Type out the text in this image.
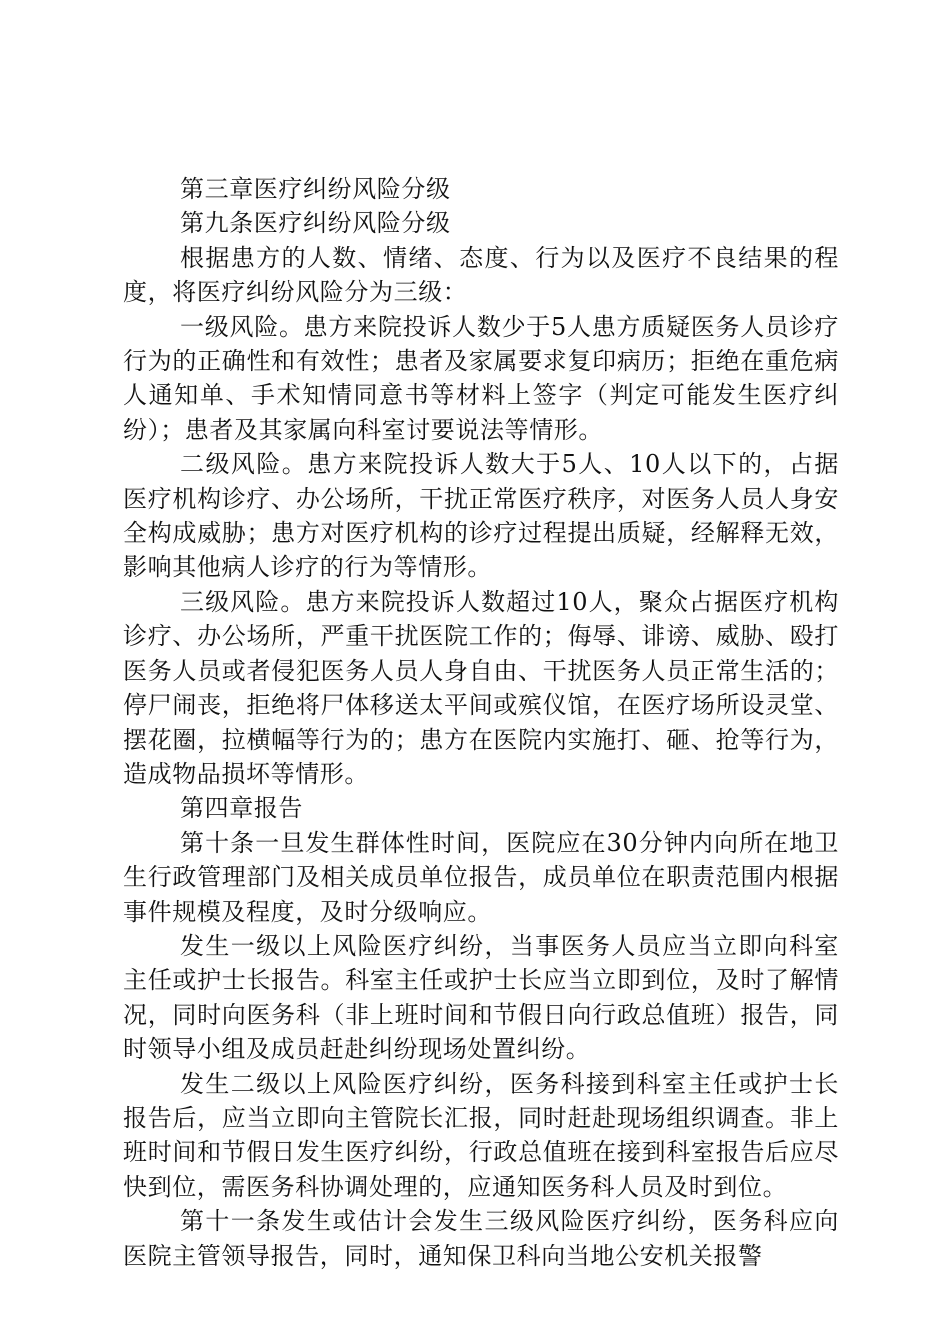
第三章医疗纠纷风险分级

第九条医疗纠纷风险分级

根据患方的人数、情绪、态度、行为以及医疗不良结果的程度，将医疗纠纷风险分为三级：

一级风险。患方来院投诉人数少于5人患方质疑医务人员诊疗行为的正确性和有效性；患者及家属要求复印病历；拒绝在重危病人通知单、手术知情同意书等材料上签字（判定可能发生医疗纠纷）；患者及其家属向科室讨要说法等情形。

二级风险。患方来院投诉人数大于5人、10人以下的，占据医疗机构诊疗、办公场所，干扰正常医疗秩序，对医务人员人身安全构成威胁；患方对医疗机构的诊疗过程提出质疑，经解释无效，影响其他病人诊疗的行为等情形。

三级风险。患方来院投诉人数超过10人，聚众占据医疗机构诊疗、办公场所，严重干扰医院工作的；侮辱、诽谤、威胁、殴打医务人员或者侵犯医务人员人身自由、干扰医务人员正常生活的；停尸闹丧，拒绝将尸体移送太平间或殡仪馆，在医疗场所设灵堂、摆花圈，拉横幅等行为的；患方在医院内实施打、砸、抢等行为，造成物品损坏等情形。

第四章报告

第十条一旦发生群体性时间，医院应在30分钟内向所在地卫生行政管理部门及相关成员单位报告，成员单位在职责范围内根据事件规模及程度，及时分级响应。

发生一级以上风险医疗纠纷，当事医务人员应当立即向科室主任或护士长报告。科室主任或护士长应当立即到位，及时了解情况，同时向医务科（非上班时间和节假日向行政总值班）报告，同时领导小组及成员赶赴纠纷现场处置纠纷。

发生二级以上风险医疗纠纷，医务科接到科室主任或护士长报告后，应当立即向主管院长汇报，同时赶赴现场组织调查。非上班时间和节假日发生医疗纠纷，行政总值班在接到科室报告后应尽快到位，需医务科协调处理的，应通知医务科人员及时到位。

第十一条发生或估计会发生三级风险医疗纠纷，医务科应向医院主管领导报告，同时，通知保卫科向当地公安机关报警
